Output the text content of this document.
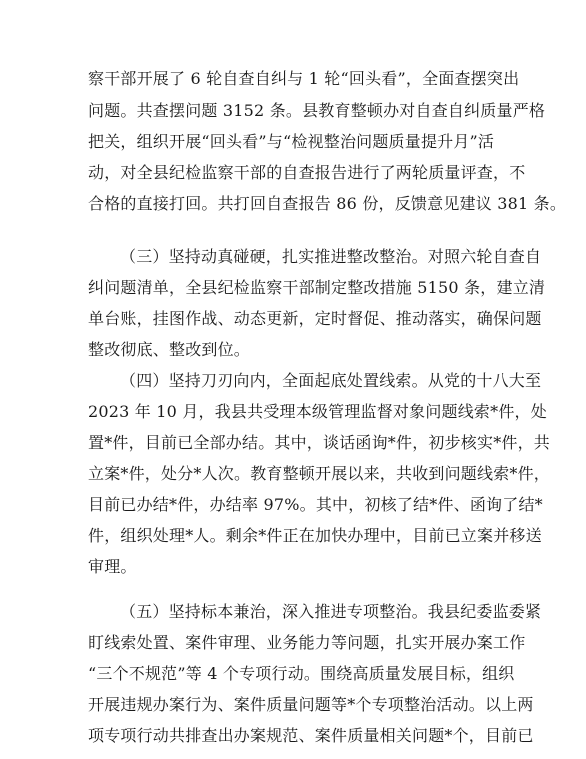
察干部开展了 6 轮自查自纠与 1 轮“回头看”，全面查摆突出
问题。共查摆问题 3152 条。县教育整顿办对自查自纠质量严格
把关，组织开展“回头看”与“检视整治问题质量提升月”活
动，对全县纪检监察干部的自查报告进行了两轮质量评查，不
合格的直接打回。共打回自查报告 86 份，反馈意见建议 381 条。
（三）坚持动真碰硬，扎实推进整改整治。对照六轮自查自
纠问题清单，全县纪检监察干部制定整改措施 5150 条，建立清
单台账，挂图作战、动态更新，定时督促、推动落实，确保问题
整改彻底、整改到位。
（四）坚持刀刃向内，全面起底处置线索。从党的十八大至
2023 年 10 月，我县共受理本级管理监督对象问题线索*件，处
置*件，目前已全部办结。其中，谈话函询*件，初步核实*件，共
立案*件，处分*人次。教育整顿开展以来，共收到问题线索*件，
目前已办结*件，办结率 97%。其中，初核了结*件、函询了结*
件，组织处理*人。剩余*件正在加快办理中，目前已立案并移送
审理。
（五）坚持标本兼治，深入推进专项整治。我县纪委监委紧
盯线索处置、案件审理、业务能力等问题，扎实开展办案工作
“三个不规范”等 4 个专项行动。围绕高质量发展目标，组织
开展违规办案行为、案件质量问题等*个专项整治活动。以上两
项专项行动共排查出办案规范、案件质量相关问题*个，目前已
